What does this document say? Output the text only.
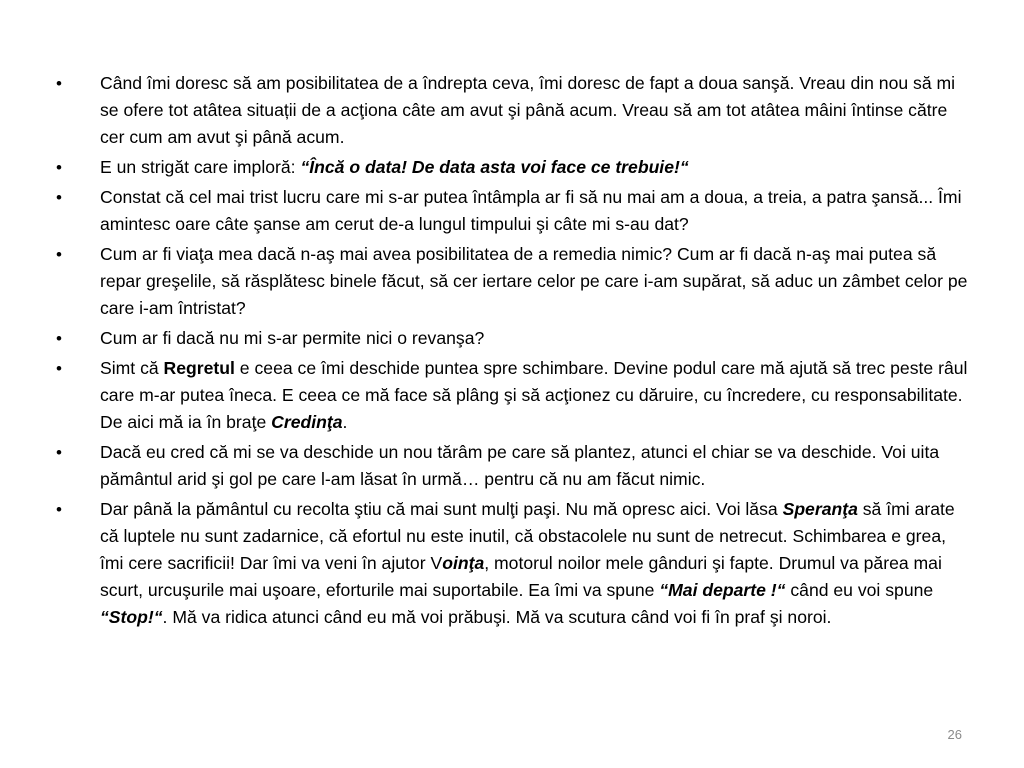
•	Când îmi doresc să am posibilitatea de a îndrepta ceva, îmi doresc de fapt a doua sanşă. Vreau din nou să mi se ofere tot atâtea situații de a acţiona câte am avut şi până acum. Vreau să am tot atâtea mâini întinse către cer cum am avut şi până acum.
•	E un strigăt care imploră: “Încă o data! De data asta voi face ce trebuie!“
•	Constat că cel mai trist lucru care mi s-ar putea întâmpla ar fi să nu mai am a doua, a treia, a patra şansă... Îmi amintesc oare câte şanse am cerut de-a lungul timpului şi câte mi s-au dat?
•	Cum ar fi viaţa mea dacă n-aş mai avea posibilitatea de a remedia nimic? Cum ar fi dacă n-aş mai putea să repar greşelile, să răsplătesc binele făcut, să cer iertare celor pe care i-am supărat, să aduc un zâmbet celor pe care i-am întristat?
•	Cum ar fi dacă nu mi s-ar permite nici o revanşa?
•	Simt că Regretul e ceea ce îmi deschide puntea spre schimbare. Devine podul care mă ajută să trec peste râul care m-ar putea îneca. E ceea ce mă face să plâng şi să acţionez cu dăruire, cu încredere, cu responsabilitate. De aici mă ia în braţe Credinţa.
•	Dacă eu cred că mi se va deschide un nou tărâm pe care să plantez, atunci el chiar se va deschide. Voi uita pământul arid şi gol pe care l-am lăsat în urmă… pentru că nu am făcut nimic.
•	Dar până la pământul cu recolta ştiu că mai sunt mulţi paşi. Nu mă opresc aici. Voi lăsa Speranţa să îmi arate că luptele nu sunt zadarnice, că efortul nu este inutil, că obstacolele nu sunt de netrecut. Schimbarea e grea, îmi cere sacrificii! Dar îmi va veni în ajutor Voinţa, motorul noilor mele gânduri şi fapte. Drumul va părea mai scurt, urcuşurile mai uşoare, eforturile mai suportabile. Ea îmi va spune “Mai departe !“ când eu voi spune “Stop!“. Mă va ridica atunci când eu mă voi prăbuşi. Mă va scutura când voi fi în praf şi noroi.
26
